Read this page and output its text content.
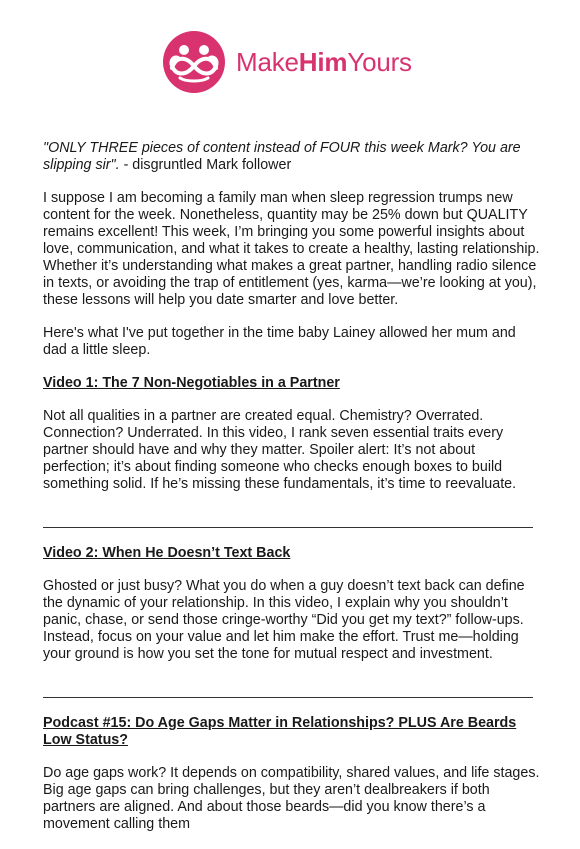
MakeHimYours

"ONLY THREE pieces of content instead of FOUR this week Mark? You are slipping sir". - disgruntled Mark follower

I suppose I am becoming a family man when sleep regression trumps new content for the week. Nonetheless, quantity may be 25% down but QUALITY remains excellent! This week, I’m bringing you some powerful insights about love, communication, and what it takes to create a healthy, lasting relationship. Whether it’s understanding what makes a great partner, handling radio silence in texts, or avoiding the trap of entitlement (yes, karma—we’re looking at you), these lessons will help you date smarter and love better.

Here's what I've put together in the time baby Lainey allowed her mum and dad a little sleep.

Video 1: The 7 Non-Negotiables in a Partner

Not all qualities in a partner are created equal. Chemistry? Overrated. Connection? Underrated. In this video, I rank seven essential traits every partner should have and why they matter. Spoiler alert: It’s not about perfection; it’s about finding someone who checks enough boxes to build something solid. If he’s missing these fundamentals, it’s time to reevaluate.

Video 2: When He Doesn’t Text Back

Ghosted or just busy? What you do when a guy doesn’t text back can define the dynamic of your relationship. In this video, I explain why you shouldn’t panic, chase, or send those cringe-worthy “Did you get my text?” follow-ups. Instead, focus on your value and let him make the effort. Trust me—holding your ground is how you set the tone for mutual respect and investment.

Podcast #15: Do Age Gaps Matter in Relationships? PLUS Are Beards Low Status?

Do age gaps work? It depends on compatibility, shared values, and life stages. Big age gaps can bring challenges, but they aren’t dealbreakers if both partners are aligned. And about those beards—did you know there’s a movement calling them
